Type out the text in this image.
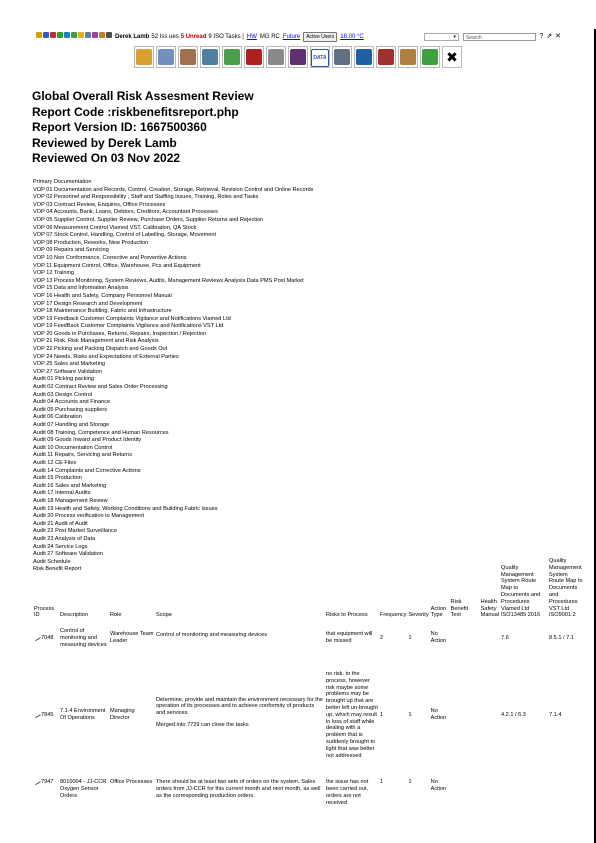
Derek Lamb 52 Iss ues 5 Unread 9 ISO Tasks | HW MG RC Future	Active Users	18.00 °C	▾	Search	? ⇗ ✕
DATA	✖
Global Overall Risk Assesment Review
Report Code :riskbenefitsreport.php
Report Version ID: 1667500360
Reviewed by Derek Lamb
Reviewed On 03 Nov 2022
Primary Documentation
VOP 01 Documentation and Records, Control, Creation, Storage, Retrieval, Revision Control and Online Records
VOP 02 Personnel and Responsibility , Staff and Staffing Issues, Training, Roles and Tasks
VOP 03 Contract Review, Enquires, Office Processes
VOP 04 Accounts, Bank, Loans, Debtors, Creditors, Accountant Processes
VOP 05 Supplier Control, Supplier Review, Purchase Orders, Supplier Returns and Rejection
VOP 06 Measurement Control Viamed VST, Calibration, QA Stock
VOP 07 Stock Control, Handling, Control of Labelling, Storage, Movement
VOP 08 Production, Reworks, New Production
VOP 09 Repairs and Servicing
VOP 10 Non Conformance, Corrective and Preventive Actions
VOP 11 Equipment Control, Office, Warehouse, Pcs and Equipment
VOP 12 Training
VOP 13 Process Monitoring, System Reviews, Audits, Management Reviews Analysis Data PMS Post Market
VOP 15 Data and Information Analysis
VOP 16 Health and Safety, Company Personnel Manual
VOP 17 Design Research and Development
VOP 18 Maintenance Building, Fabric and Infrastructure
VOP 19 Feedback Customer Complaints Vigilance and Notifications Viamed Ltd
VOP 19 FeedBack Customer Complaints Vigilance and Notifications VST Ltd
VOP 20 Goods in Purchases, Returns, Repairs, Inspection / Rejection
VOP 21 Risk, Risk Management and Risk Analysis
VOP 22 Picking and Packing Dispatch and Goods Out
VOP 24 Needs, Risks and Expectations of External Parties
VOP 25 Sales and Marketing
VOP 27 Software Validation
Audit 01 Picking packing
Audit 02 Contract Review and Sales Order Processing
Audit 03 Design Control
Audit 04 Accounts and Finance
Audit 05 Purchasing suppliers
Audit 06 Calibration
Audit 07 Handling and Storage
Audit 08 Training, Competence and Human Resources
Audit 09 Goods Inward and Product Identity
Audit 10 Documentation Control
Audit 11 Repairs, Servicing and Returns
Audit 12 CE Files
Audit 14 Complaints and Corrective Actions
Audit 15 Production
Audit 16 Sales and Marketing
Audit 17 Internal Audits
Audit 18 Management Review
Audit 19 Health and Safety, Working Conditions and Building Fabric issues
Audit 20 Process verification to Management
Audit 21 Audit of Audit
Audit 22 Post Market Surveillance
Audit 23 Analysis of Data
Audit 24 Service Logs
Audit 27 Software Validation
Audit Schedule
Risk Benefit Report
Process ID	Description	Role	Scope	Risks to Process	Frequency	Severity	Action Type	Risk Benefit Text	Health Safety Manual	Quality Management System Route Map to Documents and Procedures Viamed Ltd ISO13485 2016	Quality Management System Route Map to Documents and Procedures VST Ltd ISO9001:2
7048	Control of monitoring and measuring devices	Warehouse Team Leader	Control of monitoring and measuring devices	that equipment will be missed	2	1	No Action			7.6	8.5.1 / 7.1
7845	7.1.4 Environment Of Operations	Managing Director	Determine, provide and maintain the environment necessary for the operation of its processes and to achieve conformity of products and services.

Merged into 7729 can close the tasks	no risk. to the process, however risk maybe some problems may be brought up that are better left un-brought up, which may result in loss of staff while dealing with a problem that is suddenly brought to light that was better not addressed	1	1	No Action			4.2.1 / 6.3	7.1.4
7947	8010004 - JJ-CCR Oxygen Sensor Orders	Office Processes	There should be at least two sets of orders on the system. Sales orders from JJ-CCR for this current month and next month, as well as the corresponding production orders.	the issue has not been carried out, orders are not received	1	1	No Action				
